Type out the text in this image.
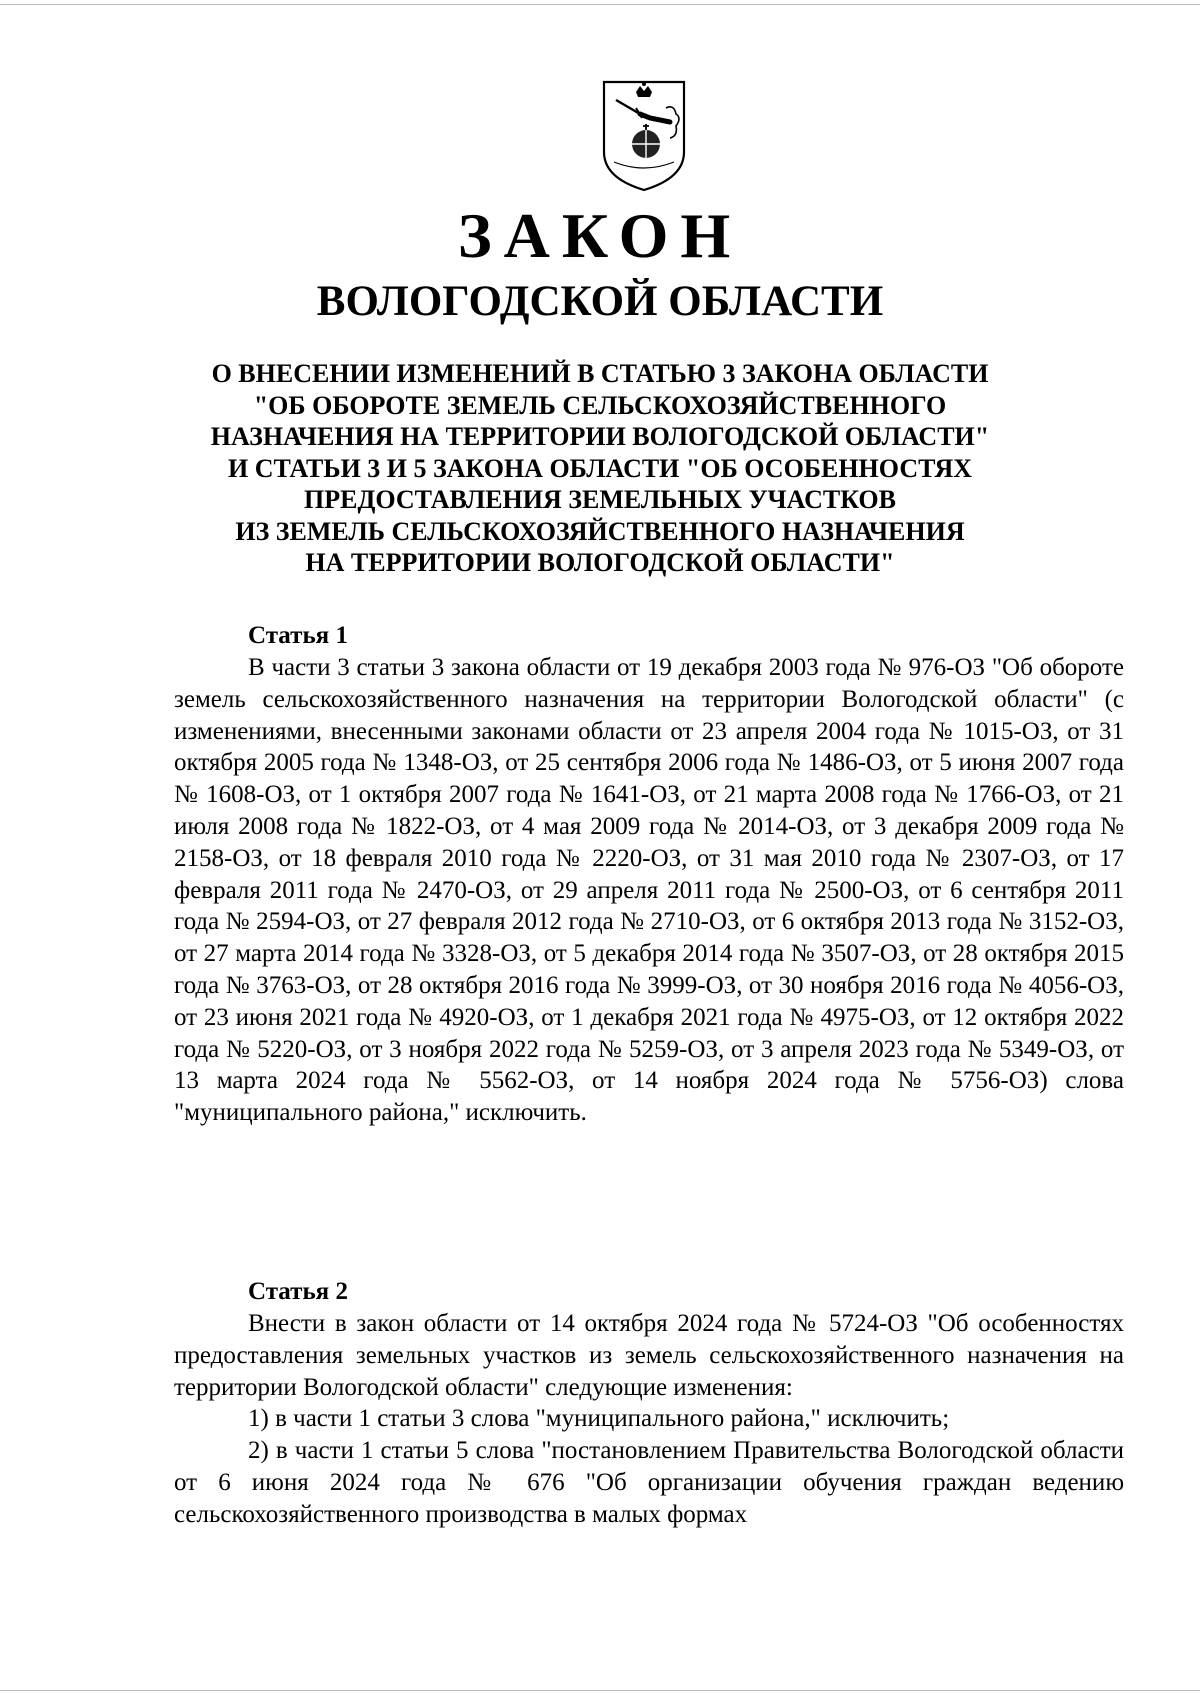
ЗАКОН
ВОЛОГОДСКОЙ ОБЛАСТИ
О ВНЕСЕНИИ ИЗМЕНЕНИЙ В СТАТЬЮ 3 ЗАКОНА ОБЛАСТИ
"ОБ ОБОРОТЕ ЗЕМЕЛЬ СЕЛЬСКОХОЗЯЙСТВЕННОГО
НАЗНАЧЕНИЯ НА ТЕРРИТОРИИ ВОЛОГОДСКОЙ ОБЛАСТИ"
И СТАТЬИ 3 И 5 ЗАКОНА ОБЛАСТИ "ОБ ОСОБЕННОСТЯХ
ПРЕДОСТАВЛЕНИЯ ЗЕМЕЛЬНЫХ УЧАСТКОВ
ИЗ ЗЕМЕЛЬ СЕЛЬСКОХОЗЯЙСТВЕННОГО НАЗНАЧЕНИЯ
НА ТЕРРИТОРИИ ВОЛОГОДСКОЙ ОБЛАСТИ"
Статья 1

В части 3 статьи 3 закона области от 19 декабря 2003 года № 976-ОЗ "Об обороте земель сельскохозяйственного назначения на территории Вологодской области" (с изменениями, внесенными законами области от 23 апреля 2004 года № 1015-ОЗ, от 31 октября 2005 года № 1348-ОЗ, от 25 сентября 2006 года № 1486-ОЗ, от 5 июня 2007 года № 1608-ОЗ, от 1 октября 2007 года № 1641-ОЗ, от 21 марта 2008 года № 1766-ОЗ, от 21 июля 2008 года № 1822-ОЗ, от 4 мая 2009 года № 2014-ОЗ, от 3 декабря 2009 года № 2158-ОЗ, от 18 февраля 2010 года № 2220-ОЗ, от 31 мая 2010 года № 2307-ОЗ, от 17 февраля 2011 года № 2470-ОЗ, от 29 апреля 2011 года № 2500-ОЗ, от 6 сентября 2011 года № 2594-ОЗ, от 27 февраля 2012 года № 2710-ОЗ, от 6 октября 2013 года № 3152-ОЗ, от 27 марта 2014 года № 3328-ОЗ, от 5 декабря 2014 года № 3507-ОЗ, от 28 октября 2015 года № 3763-ОЗ, от 28 октября 2016 года № 3999-ОЗ, от 30 ноября 2016 года № 4056-ОЗ, от 23 июня 2021 года № 4920-ОЗ, от 1 декабря 2021 года № 4975-ОЗ, от 12 октября 2022 года № 5220-ОЗ, от 3 ноября 2022 года № 5259-ОЗ, от 3 апреля 2023 года № 5349-ОЗ, от 13 марта 2024 года № 5562-ОЗ, от 14 ноября 2024 года № 5756-ОЗ) слова "муниципального района," исключить.

Статья 2

Внести в закон области от 14 октября 2024 года № 5724-ОЗ "Об особенностях предоставления земельных участков из земель сельскохозяйственного назначения на территории Вологодской области" следующие изменения:

1) в части 1 статьи 3 слова "муниципального района," исключить;

2) в части 1 статьи 5 слова "постановлением Правительства Вологодской области от 6 июня 2024 года № 676 "Об организации обучения граждан ведению сельскохозяйственного производства в малых формах
